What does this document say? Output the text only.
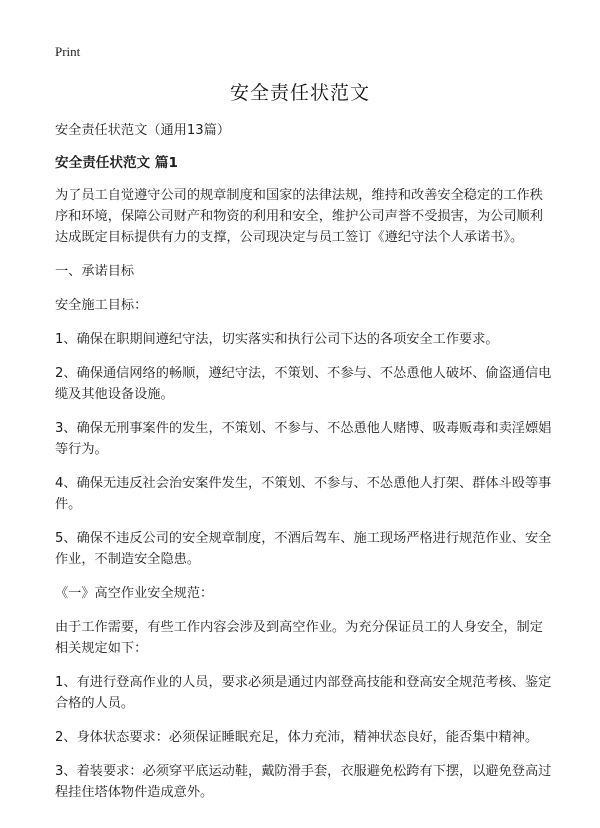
Print
安全责任状范文
安全责任状范文（通用13篇）
安全责任状范文 篇1
为了员工自觉遵守公司的规章制度和国家的法律法规，维持和改善安全稳定的工作秩序和环境，保障公司财产和物资的利用和安全，维护公司声誉不受损害，为公司顺利达成既定目标提供有力的支撑，公司现决定与员工签订《遵纪守法个人承诺书》。
一、承诺目标
安全施工目标：
1、确保在职期间遵纪守法，切实落实和执行公司下达的各项安全工作要求。
2、确保通信网络的畅顺，遵纪守法，不策划、不参与、不怂恿他人破坏、偷盗通信电缆及其他设备设施。
3、确保无刑事案件的发生，不策划、不参与、不怂恿他人赌博、吸毒贩毒和卖淫嫖娼等行为。
4、确保无违反社会治安案件发生，不策划、不参与、不怂恿他人打架、群体斗殴等事件。
5、确保不违反公司的安全规章制度，不酒后驾车、施工现场严格进行规范作业、安全作业，不制造安全隐患。
《一》高空作业安全规范：
由于工作需要，有些工作内容会涉及到高空作业。为充分保证员工的人身安全，制定相关规定如下：
1、有进行登高作业的人员，要求必须是通过内部登高技能和登高安全规范考核、鉴定合格的人员。
2、身体状态要求：必须保证睡眠充足，体力充沛，精神状态良好，能否集中精神。
3、着装要求：必须穿平底运动鞋，戴防滑手套，衣服避免松跨有下摆，以避免登高过程挂住塔体物件造成意外。
